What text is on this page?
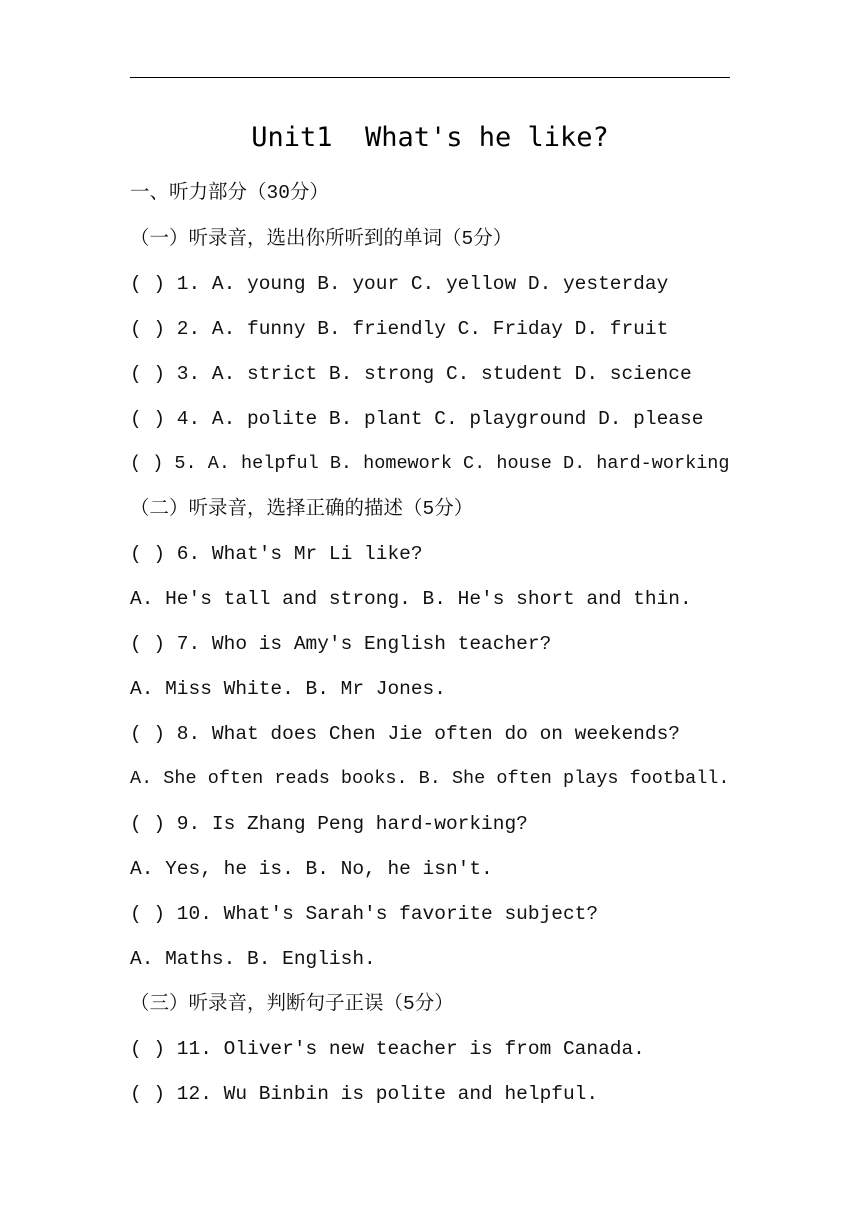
Unit1  What's he like?
一、听力部分（30分）
（一）听录音，选出你所听到的单词（5分）
( ) 1. A. young B. your C. yellow D. yesterday
( ) 2. A. funny B. friendly C. Friday D. fruit
( ) 3. A. strict B. strong C. student D. science
( ) 4. A. polite B. plant C. playground D. please
( ) 5. A. helpful B. homework C. house D. hard-working
（二）听录音，选择正确的描述（5分）
( ) 6. What's Mr Li like?
A. He's tall and strong. B. He's short and thin.
( ) 7. Who is Amy's English teacher?
A. Miss White. B. Mr Jones.
( ) 8. What does Chen Jie often do on weekends?
A. She often reads books. B. She often plays football.
( ) 9. Is Zhang Peng hard-working?
A. Yes, he is. B. No, he isn't.
( ) 10. What's Sarah's favorite subject?
A. Maths. B. English.
（三）听录音，判断句子正误（5分）
( ) 11. Oliver's new teacher is from Canada.
( ) 12. Wu Binbin is polite and helpful.
